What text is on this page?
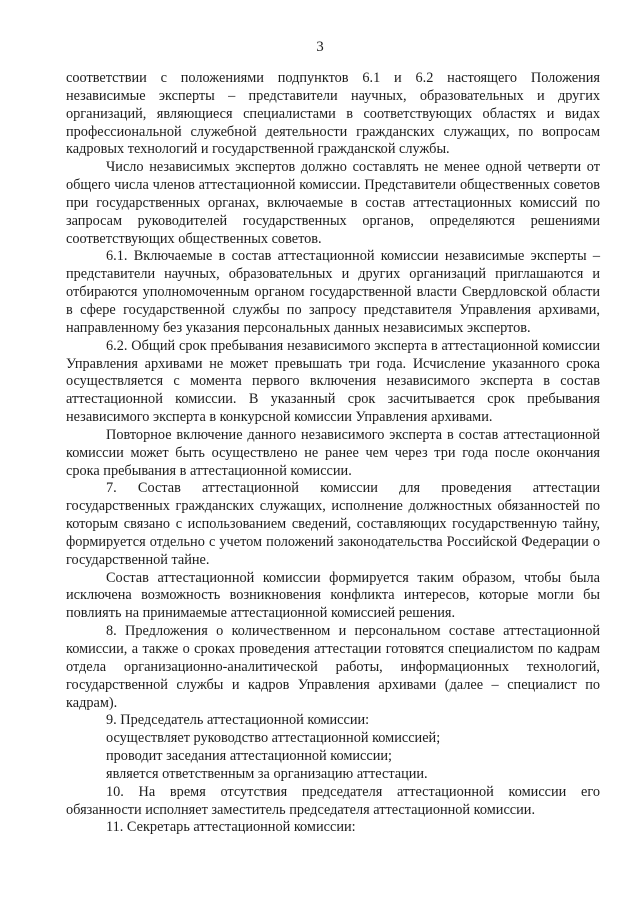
3

соответствии с положениями подпунктов 6.1 и 6.2 настоящего Положения независимые эксперты – представители научных, образовательных и других организаций, являющиеся специалистами в соответствующих областях и видах профессиональной служебной деятельности гражданских служащих, по вопросам кадровых технологий и государственной гражданской службы.

Число независимых экспертов должно составлять не менее одной четверти от общего числа членов аттестационной комиссии. Представители общественных советов при государственных органах, включаемые в состав аттестационных комиссий по запросам руководителей государственных органов, определяются решениями соответствующих общественных советов.

6.1. Включаемые в состав аттестационной комиссии независимые эксперты – представители научных, образовательных и других организаций приглашаются и отбираются уполномоченным органом государственной власти Свердловской области в сфере государственной службы по запросу представителя Управления архивами, направленному без указания персональных данных независимых экспертов.

6.2. Общий срок пребывания независимого эксперта в аттестационной комиссии Управления архивами не может превышать три года. Исчисление указанного срока осуществляется с момента первого включения независимого эксперта в состав аттестационной комиссии. В указанный срок засчитывается срок пребывания независимого эксперта в конкурсной комиссии Управления архивами.

Повторное включение данного независимого эксперта в состав аттестационной комиссии может быть осуществлено не ранее чем через три года после окончания срока пребывания в аттестационной комиссии.

7. Состав аттестационной комиссии для проведения аттестации государственных гражданских служащих, исполнение должностных обязанностей по которым связано с использованием сведений, составляющих государственную тайну, формируется отдельно с учетом положений законодательства Российской Федерации о государственной тайне.

Состав аттестационной комиссии формируется таким образом, чтобы была исключена возможность возникновения конфликта интересов, которые могли бы повлиять на принимаемые аттестационной комиссией решения.

8. Предложения о количественном и персональном составе аттестационной комиссии, а также о сроках проведения аттестации готовятся специалистом по кадрам отдела организационно-аналитической работы, информационных технологий, государственной службы и кадров Управления архивами (далее – специалист по кадрам).

9. Председатель аттестационной комиссии:

осуществляет руководство аттестационной комиссией;

проводит заседания аттестационной комиссии;

является ответственным за организацию аттестации.

10. На время отсутствия председателя аттестационной комиссии его обязанности исполняет заместитель председателя аттестационной комиссии.

11. Секретарь аттестационной комиссии:
